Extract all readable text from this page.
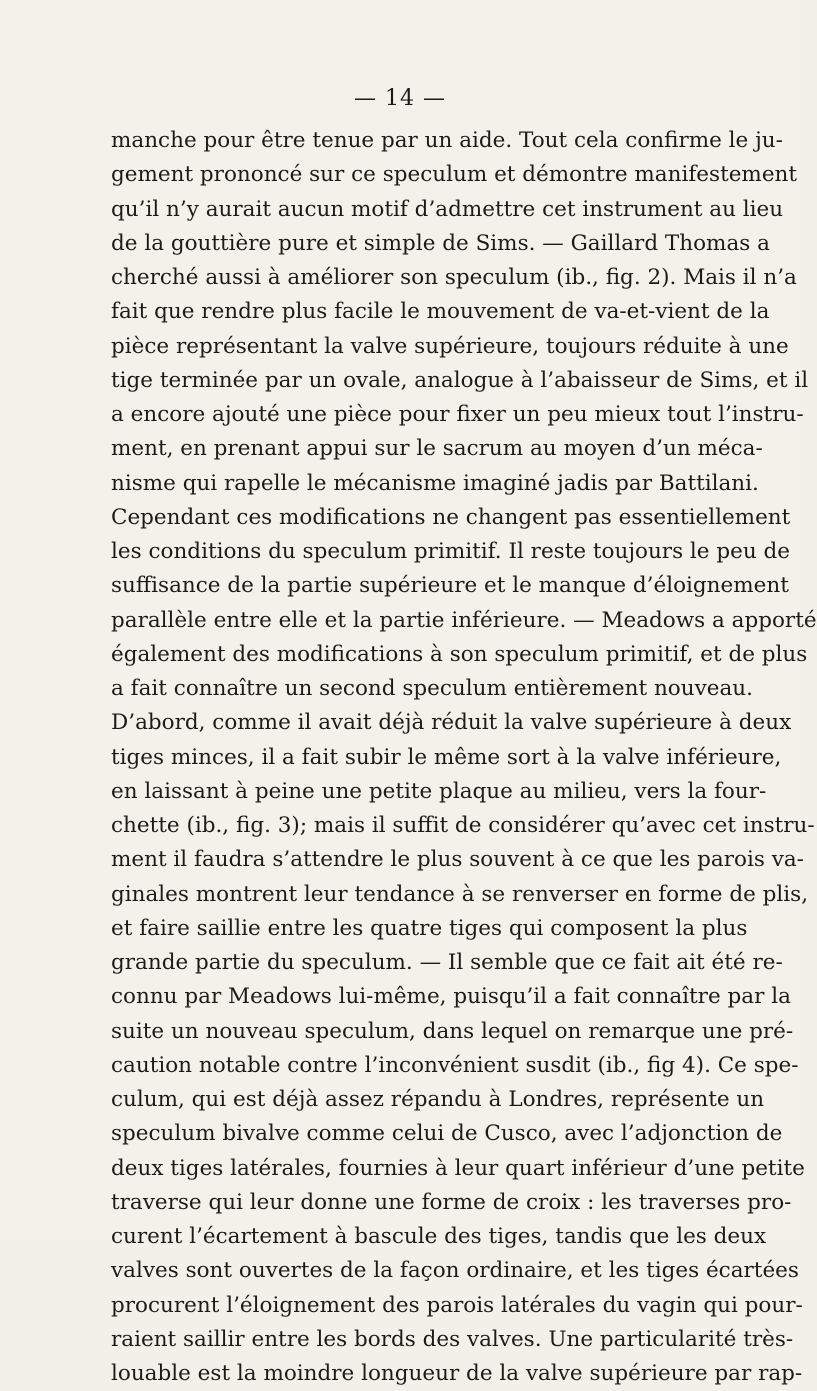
— 14 —
manche pour être tenue par un aide. Tout cela confirme le ju-
gement prononcé sur ce speculum et démontre manifestement
qu’il n’y aurait aucun motif d’admettre cet instrument au lieu
de la gouttière pure et simple de Sims. — Gaillard Thomas a
cherché aussi à améliorer son speculum (ib., fig. 2). Mais il n’a
fait que rendre plus facile le mouvement de va-et-vient de la
pièce représentant la valve supérieure, toujours réduite à une
tige terminée par un ovale, analogue à l’abaisseur de Sims, et il
a encore ajouté une pièce pour fixer un peu mieux tout l’instru-
ment, en prenant appui sur le sacrum au moyen d’un méca-
nisme qui rapelle le mécanisme imaginé jadis par Battilani.
Cependant ces modifications ne changent pas essentiellement
les conditions du speculum primitif. Il reste toujours le peu de
suffisance de la partie supérieure et le manque d’éloignement
parallèle entre elle et la partie inférieure. — Meadows a apporté
également des modifications à son speculum primitif, et de plus
a fait connaître un second speculum entièrement nouveau.
D’abord, comme il avait déjà réduit la valve supérieure à deux
tiges minces, il a fait subir le même sort à la valve inférieure,
en laissant à peine une petite plaque au milieu, vers la four-
chette (ib., fig. 3); mais il suffit de considérer qu’avec cet instru-
ment il faudra s’attendre le plus souvent à ce que les parois va-
ginales montrent leur tendance à se renverser en forme de plis,
et faire saillie entre les quatre tiges qui composent la plus
grande partie du speculum. — Il semble que ce fait ait été re-
connu par Meadows lui-même, puisqu’il a fait connaître par la
suite un nouveau speculum, dans lequel on remarque une pré-
caution notable contre l’inconvénient susdit (ib., fig 4). Ce spe-
culum, qui est déjà assez répandu à Londres, représente un
speculum bivalve comme celui de Cusco, avec l’adjonction de
deux tiges latérales, fournies à leur quart inférieur d’une petite
traverse qui leur donne une forme de croix : les traverses pro-
curent l’écartement à bascule des tiges, tandis que les deux
valves sont ouvertes de la façon ordinaire, et les tiges écartées
procurent l’éloignement des parois latérales du vagin qui pour-
raient saillir entre les bords des valves. Une particularité très-
louable est la moindre longueur de la valve supérieure par rap-
